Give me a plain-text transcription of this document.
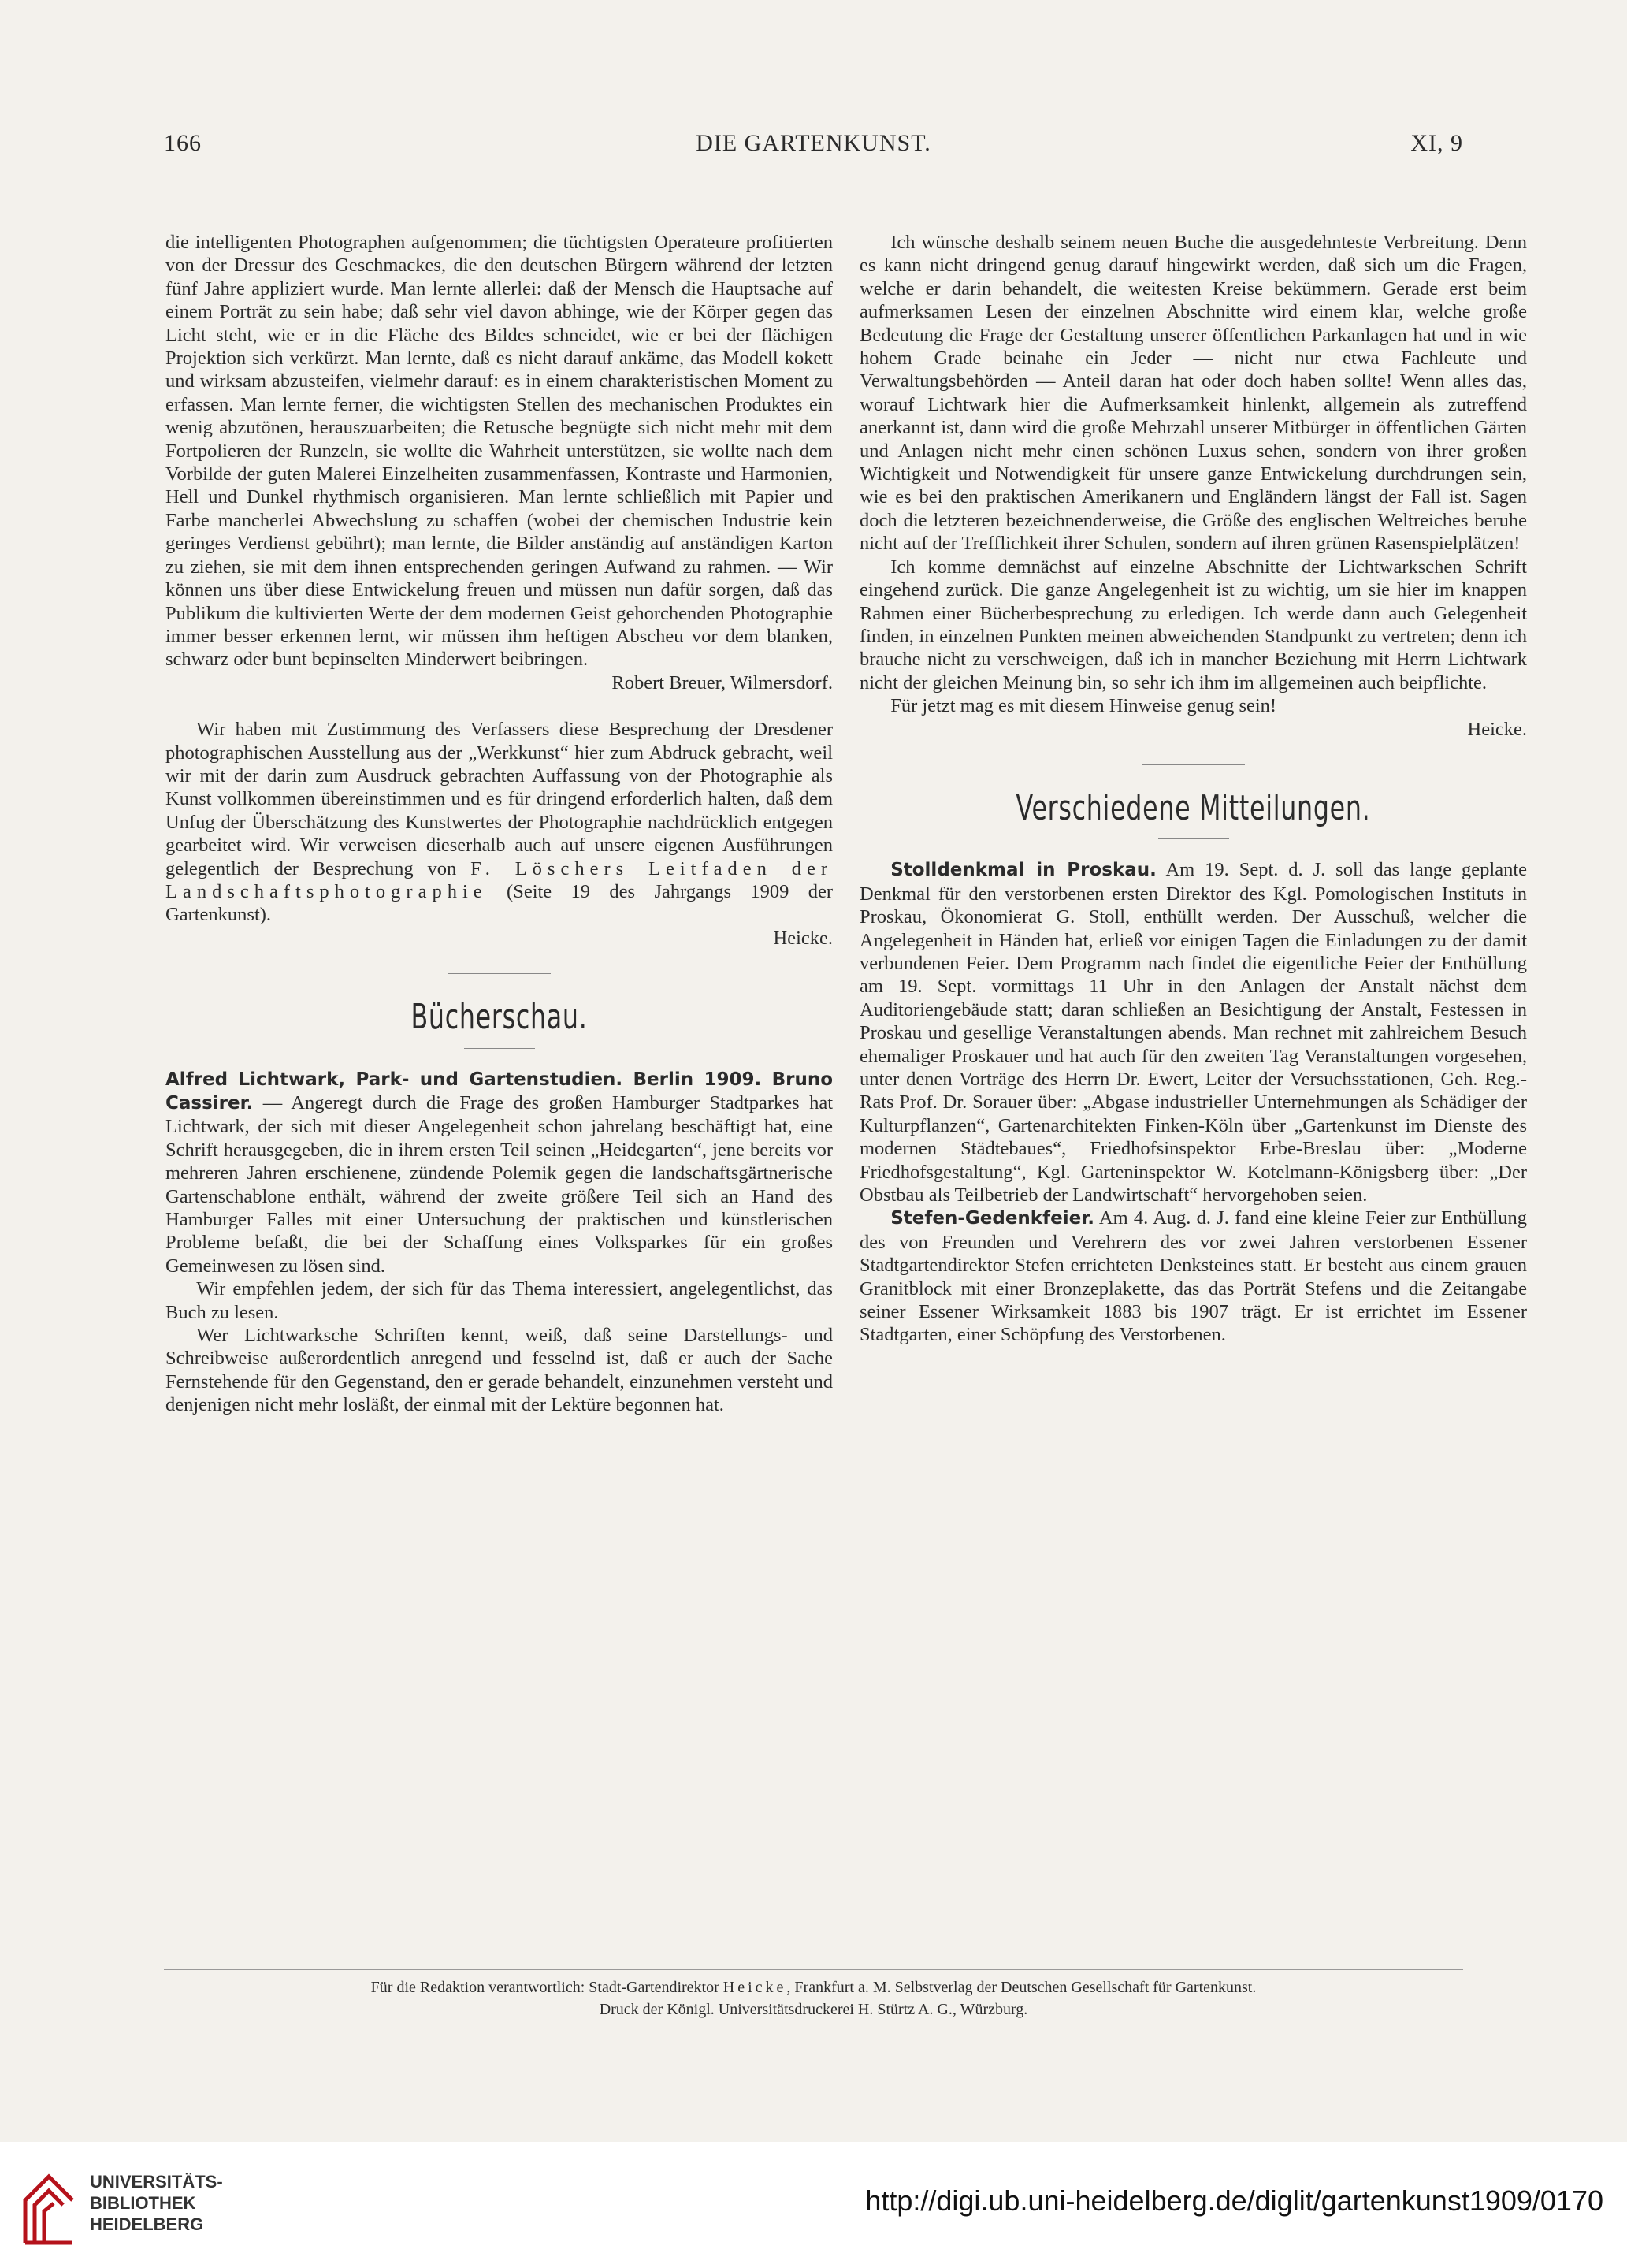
166	DIE GARTENKUNST.	XI, 9

die intelligenten Photographen aufgenommen; die tüchtigsten Operateure profitierten von der Dressur des Geschmackes, die den deutschen Bürgern während der letzten fünf Jahre appliziert wurde. Man lernte allerlei: daß der Mensch die Hauptsache auf einem Porträt zu sein habe; daß sehr viel davon abhinge, wie der Körper gegen das Licht steht, wie er in die Fläche des Bildes schneidet, wie er bei der flächigen Projektion sich verkürzt. Man lernte, daß es nicht darauf ankäme, das Modell kokett und wirksam abzusteifen, vielmehr darauf: es in einem charakteristischen Moment zu erfassen. Man lernte ferner, die wichtigsten Stellen des mechanischen Produktes ein wenig abzutönen, herauszuarbeiten; die Retusche begnügte sich nicht mehr mit dem Fortpolieren der Runzeln, sie wollte die Wahrheit unterstützen, sie wollte nach dem Vorbilde der guten Malerei Einzelheiten zusammenfassen, Kontraste und Harmonien, Hell und Dunkel rhythmisch organisieren. Man lernte schließlich mit Papier und Farbe mancherlei Abwechslung zu schaffen (wobei der chemischen Industrie kein geringes Verdienst gebührt); man lernte, die Bilder anständig auf anständigen Karton zu ziehen, sie mit dem ihnen entsprechenden geringen Aufwand zu rahmen. — Wir können uns über diese Entwickelung freuen und müssen nun dafür sorgen, daß das Publikum die kultivierten Werte der dem modernen Geist gehorchenden Photographie immer besser erkennen lernt, wir müssen ihm heftigen Abscheu vor dem blanken, schwarz oder bunt bepinselten Minderwert beibringen.

Robert Breuer, Wilmersdorf.

Wir haben mit Zustimmung des Verfassers diese Besprechung der Dresdener photographischen Ausstellung aus der „Werkkunst“ hier zum Abdruck gebracht, weil wir mit der darin zum Ausdruck gebrachten Auffassung von der Photographie als Kunst vollkommen übereinstimmen und es für dringend erforderlich halten, daß dem Unfug der Überschätzung des Kunstwertes der Photographie nachdrücklich entgegen gearbeitet wird. Wir verweisen dieserhalb auch auf unsere eigenen Ausführungen gelegentlich der Besprechung von F. Löschers Leitfaden der Landschaftsphotographie (Seite 19 des Jahrgangs 1909 der Gartenkunst).

Heicke.

Bücherschau.

Alfred Lichtwark, Park- und Gartenstudien. Berlin 1909. Bruno Cassirer. — Angeregt durch die Frage des großen Hamburger Stadtparkes hat Lichtwark, der sich mit dieser Angelegenheit schon jahrelang beschäftigt hat, eine Schrift herausgegeben, die in ihrem ersten Teil seinen „Heidegarten“, jene bereits vor mehreren Jahren erschienene, zündende Polemik gegen die landschaftsgärtnerische Gartenschablone enthält, während der zweite größere Teil sich an Hand des Hamburger Falles mit einer Untersuchung der praktischen und künstlerischen Probleme befaßt, die bei der Schaffung eines Volksparkes für ein großes Gemeinwesen zu lösen sind.

Wir empfehlen jedem, der sich für das Thema interessiert, angelegentlichst, das Buch zu lesen.

Wer Lichtwarksche Schriften kennt, weiß, daß seine Darstellungs- und Schreibweise außerordentlich anregend und fesselnd ist, daß er auch der Sache Fernstehende für den Gegenstand, den er gerade behandelt, einzunehmen versteht und denjenigen nicht mehr losläßt, der einmal mit der Lektüre begonnen hat.

Ich wünsche deshalb seinem neuen Buche die ausgedehnteste Verbreitung. Denn es kann nicht dringend genug darauf hingewirkt werden, daß sich um die Fragen, welche er darin behandelt, die weitesten Kreise bekümmern. Gerade erst beim aufmerksamen Lesen der einzelnen Abschnitte wird einem klar, welche große Bedeutung die Frage der Gestaltung unserer öffentlichen Parkanlagen hat und in wie hohem Grade beinahe ein Jeder — nicht nur etwa Fachleute und Verwaltungsbehörden — Anteil daran hat oder doch haben sollte! Wenn alles das, worauf Lichtwark hier die Aufmerksamkeit hinlenkt, allgemein als zutreffend anerkannt ist, dann wird die große Mehrzahl unserer Mitbürger in öffentlichen Gärten und Anlagen nicht mehr einen schönen Luxus sehen, sondern von ihrer großen Wichtigkeit und Notwendigkeit für unsere ganze Entwickelung durchdrungen sein, wie es bei den praktischen Amerikanern und Engländern längst der Fall ist. Sagen doch die letzteren bezeichnenderweise, die Größe des englischen Weltreiches beruhe nicht auf der Trefflichkeit ihrer Schulen, sondern auf ihren grünen Rasenspielplätzen!

Ich komme demnächst auf einzelne Abschnitte der Lichtwarkschen Schrift eingehend zurück. Die ganze Angelegenheit ist zu wichtig, um sie hier im knappen Rahmen einer Bücherbesprechung zu erledigen. Ich werde dann auch Gelegenheit finden, in einzelnen Punkten meinen abweichenden Standpunkt zu vertreten; denn ich brauche nicht zu verschweigen, daß ich in mancher Beziehung mit Herrn Lichtwark nicht der gleichen Meinung bin, so sehr ich ihm im allgemeinen auch beipflichte.

Für jetzt mag es mit diesem Hinweise genug sein!

Heicke.

Verschiedene Mitteilungen.

Stolldenkmal in Proskau. Am 19. Sept. d. J. soll das lange geplante Denkmal für den verstorbenen ersten Direktor des Kgl. Pomologischen Instituts in Proskau, Ökonomierat G. Stoll, enthüllt werden. Der Ausschuß, welcher die Angelegenheit in Händen hat, erließ vor einigen Tagen die Einladungen zu der damit verbundenen Feier. Dem Programm nach findet die eigentliche Feier der Enthüllung am 19. Sept. vormittags 11 Uhr in den Anlagen der Anstalt nächst dem Auditoriengebäude statt; daran schließen an Besichtigung der Anstalt, Festessen in Proskau und gesellige Veranstaltungen abends. Man rechnet mit zahlreichem Besuch ehemaliger Proskauer und hat auch für den zweiten Tag Veranstaltungen vorgesehen, unter denen Vorträge des Herrn Dr. Ewert, Leiter der Versuchsstationen, Geh. Reg.-Rats Prof. Dr. Sorauer über: „Abgase industrieller Unternehmungen als Schädiger der Kulturpflanzen“, Gartenarchitekten Finken-Köln über „Gartenkunst im Dienste des modernen Städtebaues“, Friedhofsinspektor Erbe-Breslau über: „Moderne Friedhofsgestaltung“, Kgl. Garteninspektor W. Kotelmann-Königsberg über: „Der Obstbau als Teilbetrieb der Landwirtschaft“ hervorgehoben seien.

Stefen-Gedenkfeier. Am 4. Aug. d. J. fand eine kleine Feier zur Enthüllung des von Freunden und Verehrern des vor zwei Jahren verstorbenen Essener Stadtgartendirektor Stefen errichteten Denksteines statt. Er besteht aus einem grauen Granitblock mit einer Bronzeplakette, das das Porträt Stefens und die Zeitangabe seiner Essener Wirksamkeit 1883 bis 1907 trägt. Er ist errichtet im Essener Stadtgarten, einer Schöpfung des Verstorbenen.

Für die Redaktion verantwortlich: Stadt-Gartendirektor Heicke, Frankfurt a. M. Selbstverlag der Deutschen Gesellschaft für Gartenkunst.
Druck der Königl. Universitätsdruckerei H. Stürtz A. G., Würzburg.
UNIVERSITÄTS-
BIBLIOTHEK
HEIDELBERG
http://digi.ub.uni-heidelberg.de/diglit/gartenkunst1909/0170
